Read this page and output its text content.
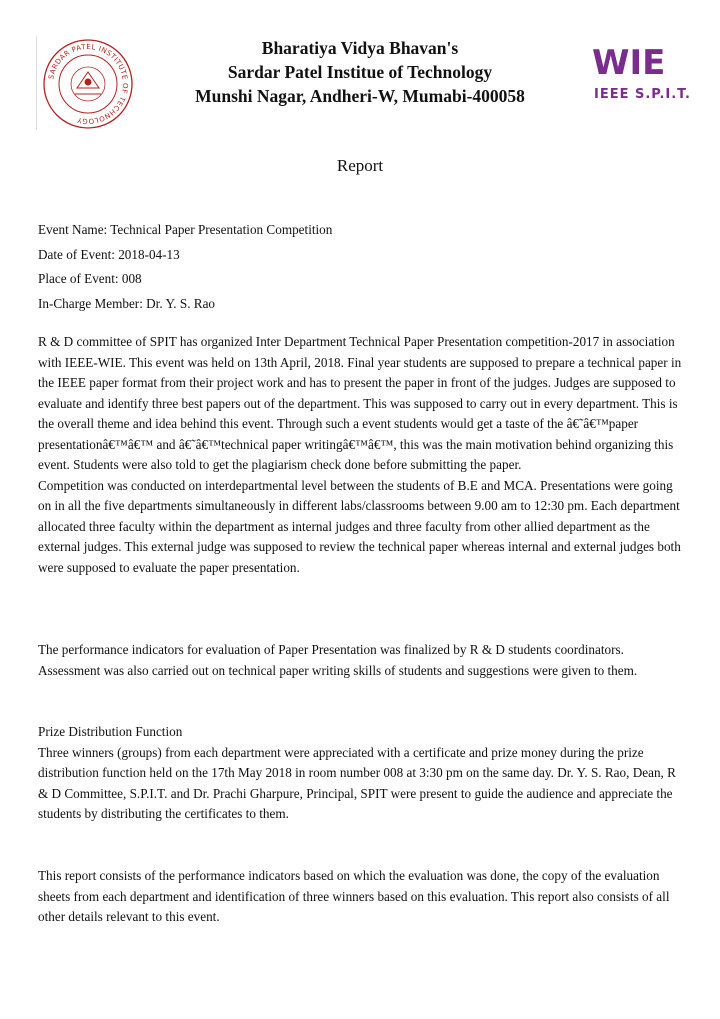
SARDAR PATEL INSTITUTE OF TECHNOLOGY
Bharatiya Vidya Bhavan's
Sardar Patel Institue of Technology
Munshi Nagar, Andheri-W, Mumabi-400058
WIE
IEEE S.P.I.T.
Report

Event Name: Technical Paper Presentation Competition

Date of Event: 2018-04-13

Place of Event: 008

In-Charge Member: Dr. Y. S. Rao

R & D committee of SPIT has organized Inter Department Technical Paper Presentation competition-2017 in association with IEEE-WIE. This event was held on 13th April, 2018. Final year students are supposed to prepare a technical paper in the IEEE paper format from their project work and has to present the paper in front of the judges. Judges are supposed to evaluate and identify three best papers out of the department. This was supposed to carry out in every department. This is the overall theme and idea behind this event. Through such a event students would get a taste of the â€˜â€™paper presentationâ€™â€™ and â€˜â€™technical paper writingâ€™â€™, this was the main motivation behind organizing this event. Students were also told to get the plagiarism check done before submitting the paper.

Competition was conducted on interdepartmental level between the students of B.E and MCA. Presentations were going on in all the five departments simultaneously in different labs/classrooms between 9.00 am to 12:30 pm. Each department allocated three faculty within the department as internal judges and three faculty from other allied department as the external judges. This external judge was supposed to review the technical paper whereas internal and external judges both were supposed to evaluate the paper presentation.

The performance indicators for evaluation of Paper Presentation was finalized by R & D students coordinators. Assessment was also carried out on technical paper writing skills of students and suggestions were given to them.

Prize Distribution Function

Three winners (groups) from each department were appreciated with a certificate and prize money during the prize distribution function held on the 17th May 2018 in room number 008 at 3:30 pm on the same day. Dr. Y. S. Rao, Dean, R & D Committee, S.P.I.T. and Dr. Prachi Gharpure, Principal, SPIT were present to guide the audience and appreciate the students by distributing the certificates to them.

This report consists of the performance indicators based on which the evaluation was done, the copy of the evaluation sheets from each department and identification of three winners based on this evaluation. This report also consists of all other details relevant to this event.
